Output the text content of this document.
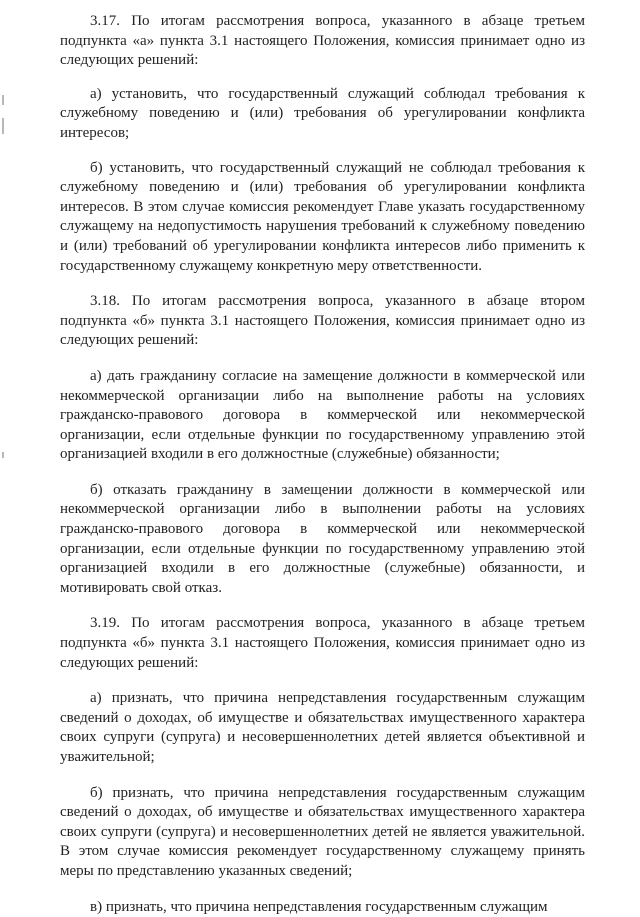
3.17. По итогам рассмотрения вопроса, указанного в абзаце третьем подпункта «а» пункта 3.1 настоящего Положения, комиссия принимает одно из следующих решений:

а) установить, что государственный служащий соблюдал требования к служебному поведению и (или) требования об урегулировании конфликта интересов;

б) установить, что государственный служащий не соблюдал требования к служебному поведению и (или) требования об урегулировании конфликта интересов. В этом случае комиссия рекомендует Главе указать государственному служащему на недопустимость нарушения требований к служебному поведению и (или) требований об урегулировании конфликта интересов либо применить к государственному служащему конкретную меру ответственности.

3.18. По итогам рассмотрения вопроса, указанного в абзаце втором подпункта «б» пункта 3.1 настоящего Положения, комиссия принимает одно из следующих решений:

а) дать гражданину согласие на замещение должности в коммерческой или некоммерческой организации либо на выполнение работы на условиях гражданско-правового договора в коммерческой или некоммерческой организации, если отдельные функции по государственному управлению этой организацией входили в его должностные (служебные) обязанности;

б) отказать гражданину в замещении должности в коммерческой или некоммерческой организации либо в выполнении работы на условиях гражданско-правового договора в коммерческой или некоммерческой организации, если отдельные функции по государственному управлению этой организацией входили в его должностные (служебные) обязанности, и мотивировать свой отказ.

3.19. По итогам рассмотрения вопроса, указанного в абзаце третьем подпункта «б» пункта 3.1 настоящего Положения, комиссия принимает одно из следующих решений:

а) признать, что причина непредставления государственным служащим сведений о доходах, об имуществе и обязательствах имущественного характера своих супруги (супруга) и несовершеннолетних детей является объективной и уважительной;

б) признать, что причина непредставления государственным служащим сведений о доходах, об имуществе и обязательствах имущественного характера своих супруги (супруга) и несовершеннолетних детей не является уважительной. В этом случае комиссия рекомендует государственному служащему принять меры по представлению указанных сведений;

в) признать, что причина непредставления государственным служащим
